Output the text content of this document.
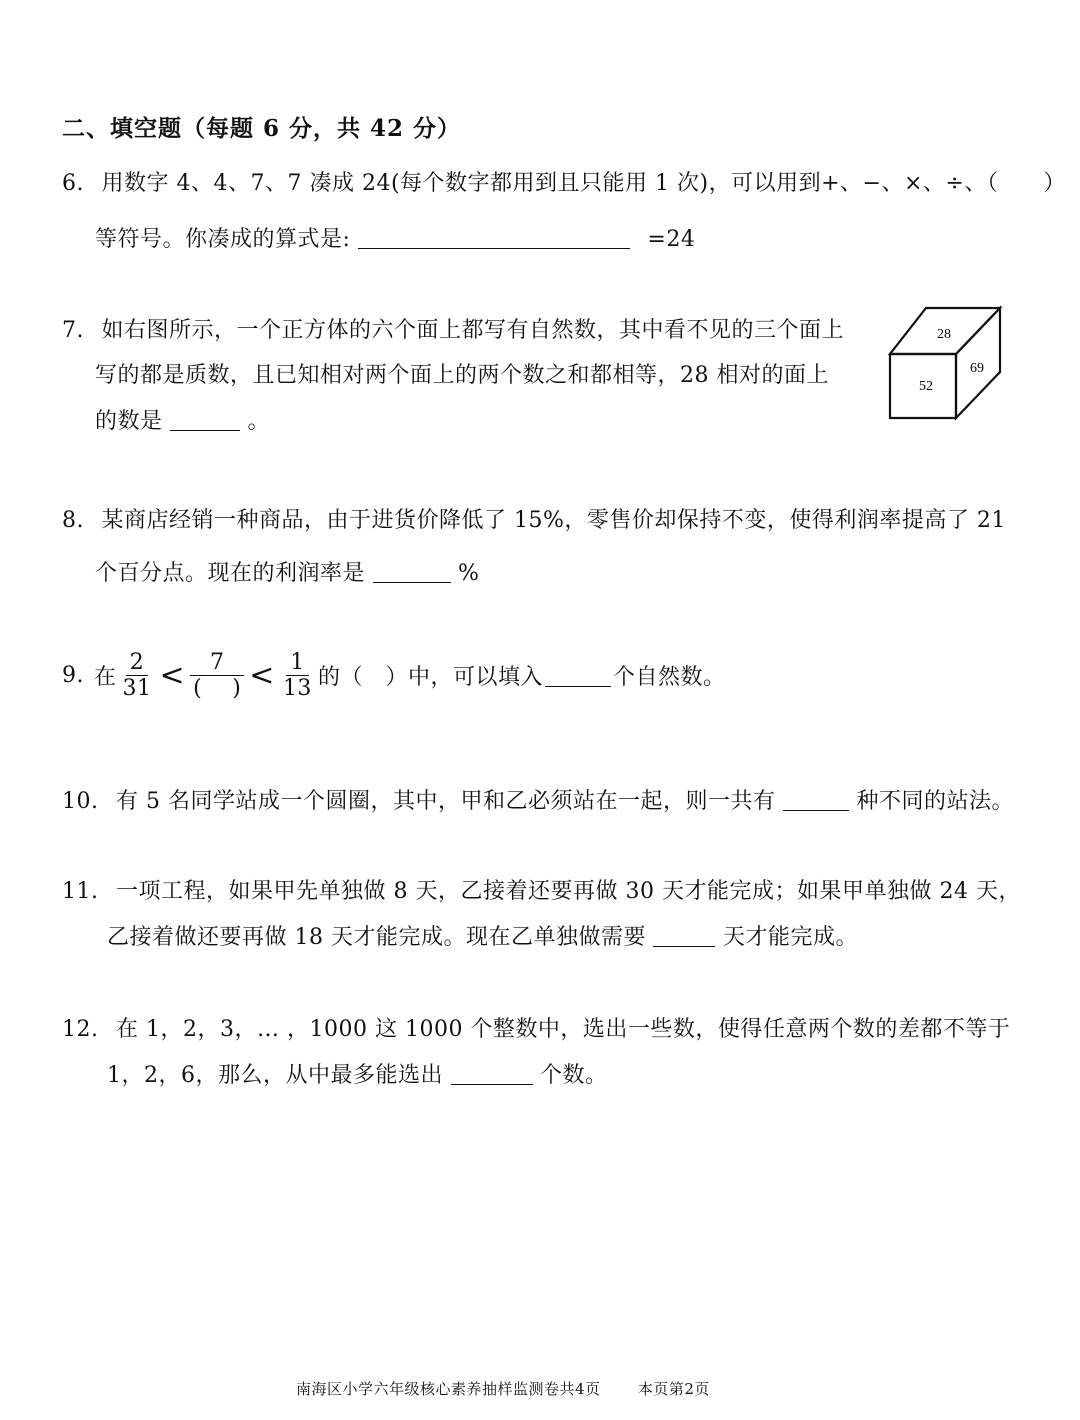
二、填空题（每题 6 分，共 42 分）
6. 用数字 4、4、7、7 凑成 24(每个数字都用到且只能用 1 次)，可以用到+、−、×、÷、（　　）
等符号。你凑成的算式是:	=24
7. 如右图所示，一个正方体的六个面上都写有自然数，其中看不见的三个面上
写的都是质数，且已知相对两个面上的两个数之和都相等，28 相对的面上
的数是	。
28
52
69
8. 某商店经销一种商品，由于进货价降低了 15%，零售价却保持不变，使得利润率提高了 21
个百分点。现在的利润率是	%
9. 在 $\frac{2}{31} < \frac{7}{( )} < \frac{1}{13}$ 的（　）中，可以填入	个自然数。
10. 有 5 名同学站成一个圆圈，其中，甲和乙必须站在一起，则一共有	种不同的站法。
11. 一项工程，如果甲先单独做 8 天，乙接着还要再做 30 天才能完成；如果甲单独做 24 天，
乙接着做还要再做 18 天才能完成。现在乙单独做需要	天才能完成。
12. 在 1，2，3，… ，1000 这 1000 个整数中，选出一些数，使得任意两个数的差都不等于
1，2，6，那么，从中最多能选出	个数。
南海区小学六年级核心素养抽样监测卷共4页 本页第2页
